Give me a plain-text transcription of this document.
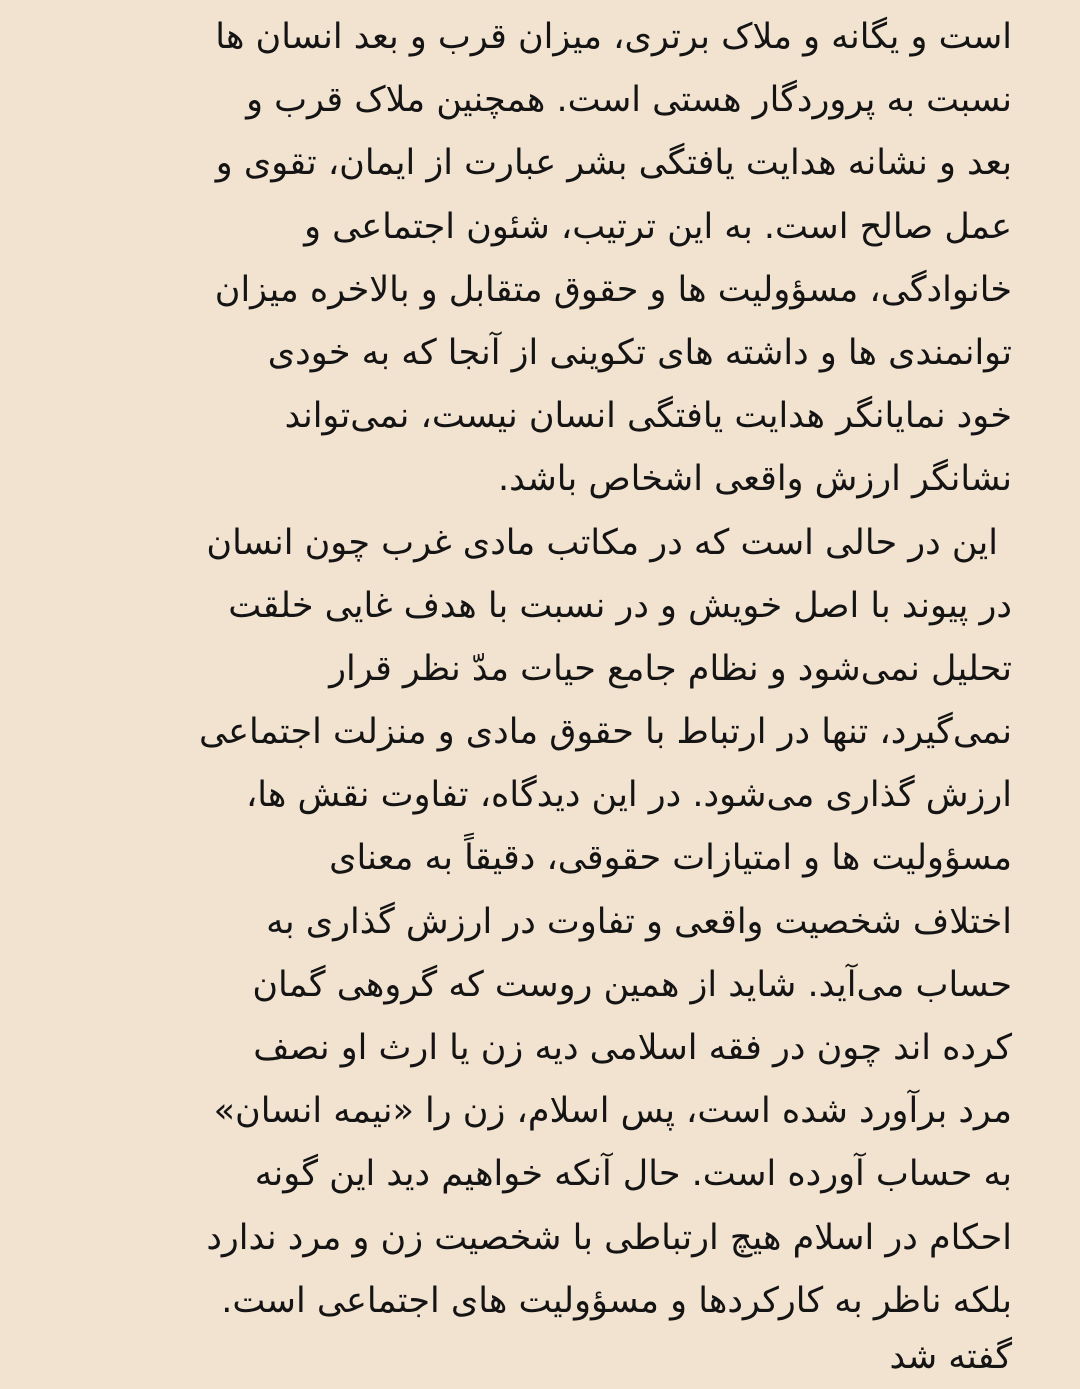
است و یگانه و ملاک برتری، میزان قرب و بعد انسان ها
نسبت به پروردگار هستی است. همچنین ملاک قرب و
بعد و نشانه هدایت یافتگی بشر عبارت از ایمان، تقوی و
عمل صالح است. به این ترتیب، شئون اجتماعی و
خانوادگی، مسؤولیت ها و حقوق متقابل و بالاخره میزان
توانمندی ها و داشته های تکوینی از آنجا که به خودی
خود نمایانگر هدایت یافتگی انسان نیست، نمی‌تواند
نشانگر ارزش واقعی اشخاص باشد.
این در حالی است که در مکاتب مادی غرب چون انسان
در پیوند با اصل خویش و در نسبت با هدف غایی خلقت
تحلیل نمی‌شود و نظام جامع حیات مدّ نظر قرار
نمی‌گیرد، تنها در ارتباط با حقوق مادی و منزلت اجتماعی
ارزش گذاری می‌شود. در این دیدگاه، تفاوت نقش ها،
مسؤولیت ها و امتیازات حقوقی، دقیقاً به معنای
اختلاف شخصیت واقعی و تفاوت در ارزش گذاری به
حساب می‌آید. شاید از همین روست که گروهی گمان
کرده اند چون در فقه اسلامی دیه زن یا ارث او نصف
مرد برآورد شده است، پس اسلام، زن را «نیمه انسان»
به حساب آورده است. حال آنکه خواهیم دید این گونه
احکام در اسلام هیچ ارتباطی با شخصیت زن و مرد ندارد
بلکه ناظر به کارکردها و مسؤولیت های اجتماعی است.
گفته شد
